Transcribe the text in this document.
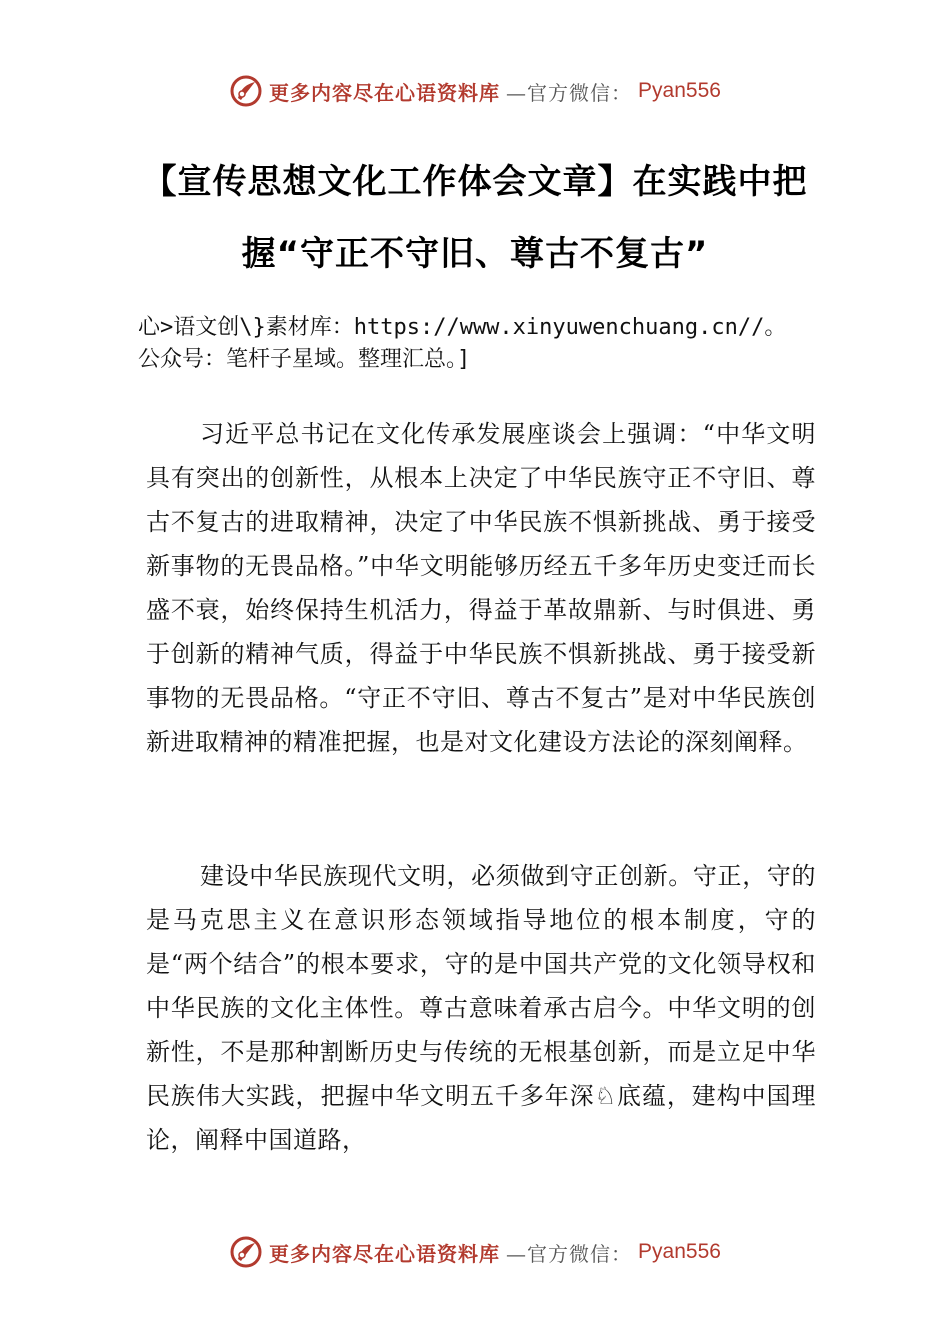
更多内容尽在心语资料库 —官方微信： Pyan556
【宣传思想文化工作体会文章】在实践中把
握“守正不守旧、尊古不复古”
心>语文创\}素材库：https://www.xinyuwenchuang.cn//。
公众号：笔杆子星域。整理汇总。]

习近平总书记在文化传承发展座谈会上强调：“中华文明具有突出的创新性，从根本上决定了中华民族守正不守旧、尊古不复古的进取精神，决定了中华民族不惧新挑战、勇于接受新事物的无畏品格。”中华文明能够历经五千多年历史变迁而长盛不衰，始终保持生机活力，得益于革故鼎新、与时俱进、勇于创新的精神气质，得益于中华民族不惧新挑战、勇于接受新事物的无畏品格。“守正不守旧、尊古不复古”是对中华民族创新进取精神的精准把握，也是对文化建设方法论的深刻阐释。

建设中华民族现代文明，必须做到守正创新。守正，守的是马克思主义在意识形态领域指导地位的根本制度，守的是“两个结合”的根本要求，守的是中国共产党的文化领导权和中华民族的文化主体性。尊古意味着承古启今。中华文明的创新性，不是那种割断历史与传统的无根基创新，而是立足中华民族伟大实践，把握中华文明五千多年深♘底蕴，建构中国理论，阐释中国道路，

更多内容尽在心语资料库 —官方微信： Pyan556
